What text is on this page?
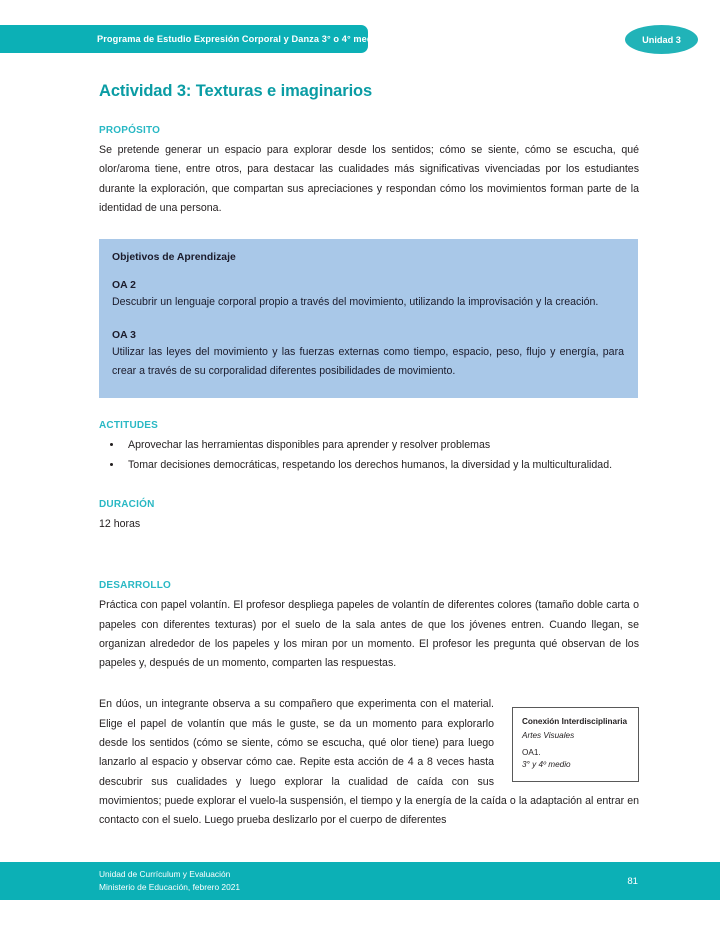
Programa de Estudio Expresión Corporal y Danza 3° o 4° medio	Unidad 3
Actividad 3: Texturas e imaginarios
PROPÓSITO

Se pretende generar un espacio para explorar desde los sentidos; cómo se siente, cómo se escucha, qué olor/aroma tiene, entre otros, para destacar las cualidades más significativas vivenciadas por los estudiantes durante la exploración, que compartan sus apreciaciones y respondan cómo los movimientos forman parte de la identidad de una persona.

Objetivos de Aprendizaje
OA 2

Descubrir un lenguaje corporal propio a través del movimiento, utilizando la improvisación y la creación.

OA 3

Utilizar las leyes del movimiento y las fuerzas externas como tiempo, espacio, peso, flujo y energía, para crear a través de su corporalidad diferentes posibilidades de movimiento.

ACTITUDES
Aprovechar las herramientas disponibles para aprender y resolver problemas
Tomar decisiones democráticas, respetando los derechos humanos, la diversidad y la multiculturalidad.
DURACIÓN

12 horas

DESARROLLO

Práctica con papel volantín. El profesor despliega papeles de volantín de diferentes colores (tamaño doble carta o papeles con diferentes texturas) por el suelo de la sala antes de que los jóvenes entren. Cuando llegan, se organizan alrededor de los papeles y los miran por un momento. El profesor les pregunta qué observan de los papeles y, después de un momento, comparten las respuestas.

Conexión Interdisciplinaria

Artes Visuales

OA1.

3° y 4º medio

En dúos, un integrante observa a su compañero que experimenta con el material. Elige el papel de volantín que más le guste, se da un momento para explorarlo desde los sentidos (cómo se siente, cómo se escucha, qué olor tiene) para luego lanzarlo al espacio y observar cómo cae. Repite esta acción de 4 a 8 veces hasta descubrir sus cualidades y luego explorar la cualidad de caída con sus movimientos; puede explorar el vuelo-la suspensión, el tiempo y la energía de la caída o la adaptación al entrar en contacto con el suelo. Luego prueba deslizarlo por el cuerpo de diferentes

Unidad de Currículum y Evaluación
Ministerio de Educación, febrero 2021
81
